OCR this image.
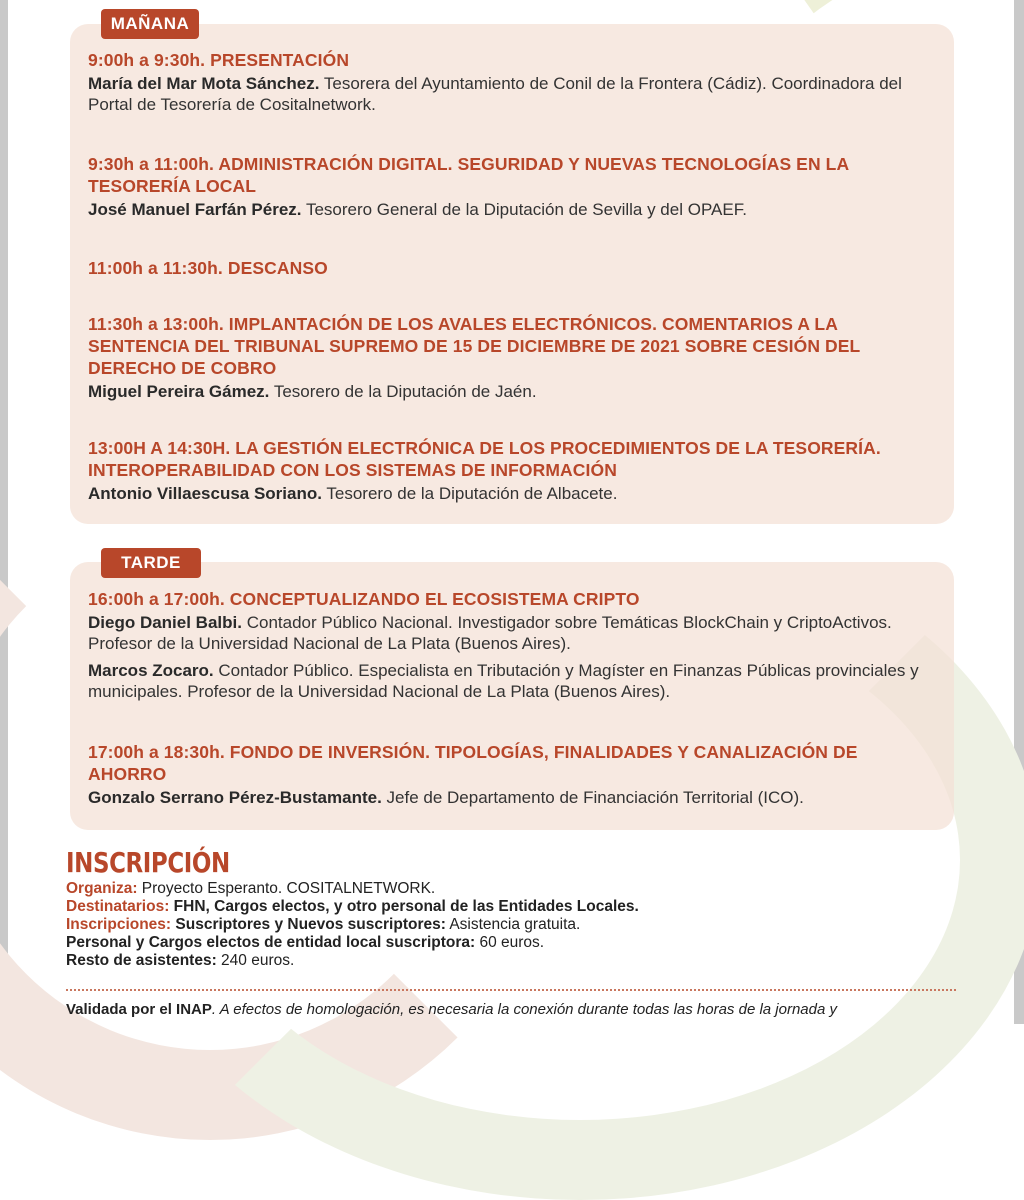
MAÑANA
9:00h a 9:30h. PRESENTACIÓN
María del Mar Mota Sánchez. Tesorera del Ayuntamiento de Conil de la Frontera (Cádiz). Coordinadora del Portal de Tesorería de Cositalnetwork.
9:30h a 11:00h. ADMINISTRACIÓN DIGITAL. SEGURIDAD Y NUEVAS TECNOLOGÍAS EN LA TESORERÍA LOCAL
José Manuel Farfán Pérez. Tesorero General de la Diputación de Sevilla y del OPAEF.
11:00h a 11:30h. DESCANSO
11:30h a 13:00h. IMPLANTACIÓN DE LOS AVALES ELECTRÓNICOS. COMENTARIOS A LA SENTENCIA DEL TRIBUNAL SUPREMO DE 15 DE DICIEMBRE DE 2021 SOBRE CESIÓN DEL DERECHO DE COBRO
Miguel Pereira Gámez. Tesorero de la Diputación de Jaén.
13:00H A 14:30H. LA GESTIÓN ELECTRÓNICA DE LOS PROCEDIMIENTOS DE LA TESORERÍA. INTEROPERABILIDAD CON LOS SISTEMAS DE INFORMACIÓN
Antonio Villaescusa Soriano. Tesorero de la Diputación de Albacete.
TARDE
16:00h a 17:00h. CONCEPTUALIZANDO EL ECOSISTEMA CRIPTO
Diego Daniel Balbi. Contador Público Nacional. Investigador sobre Temáticas BlockChain y CriptoActivos. Profesor de la Universidad Nacional de La Plata (Buenos Aires).
Marcos Zocaro. Contador Público. Especialista en Tributación y Magíster en Finanzas Públicas provinciales y municipales. Profesor de la Universidad Nacional de La Plata (Buenos Aires).
17:00h a 18:30h. FONDO DE INVERSIÓN. TIPOLOGÍAS, FINALIDADES Y CANALIZACIÓN DE AHORRO
Gonzalo Serrano Pérez-Bustamante. Jefe de Departamento de Financiación Territorial (ICO).
INSCRIPCIÓN
Organiza: Proyecto Esperanto. COSITALNETWORK.
Destinatarios: FHN, Cargos electos, y otro personal de las Entidades Locales.
Inscripciones: Suscriptores y Nuevos suscriptores: Asistencia gratuita.
Personal y Cargos electos de entidad local suscriptora: 60 euros.
Resto de asistentes: 240 euros.
Validada por el INAP. A efectos de homologación, es necesaria la conexión durante todas las horas de la jornada y
